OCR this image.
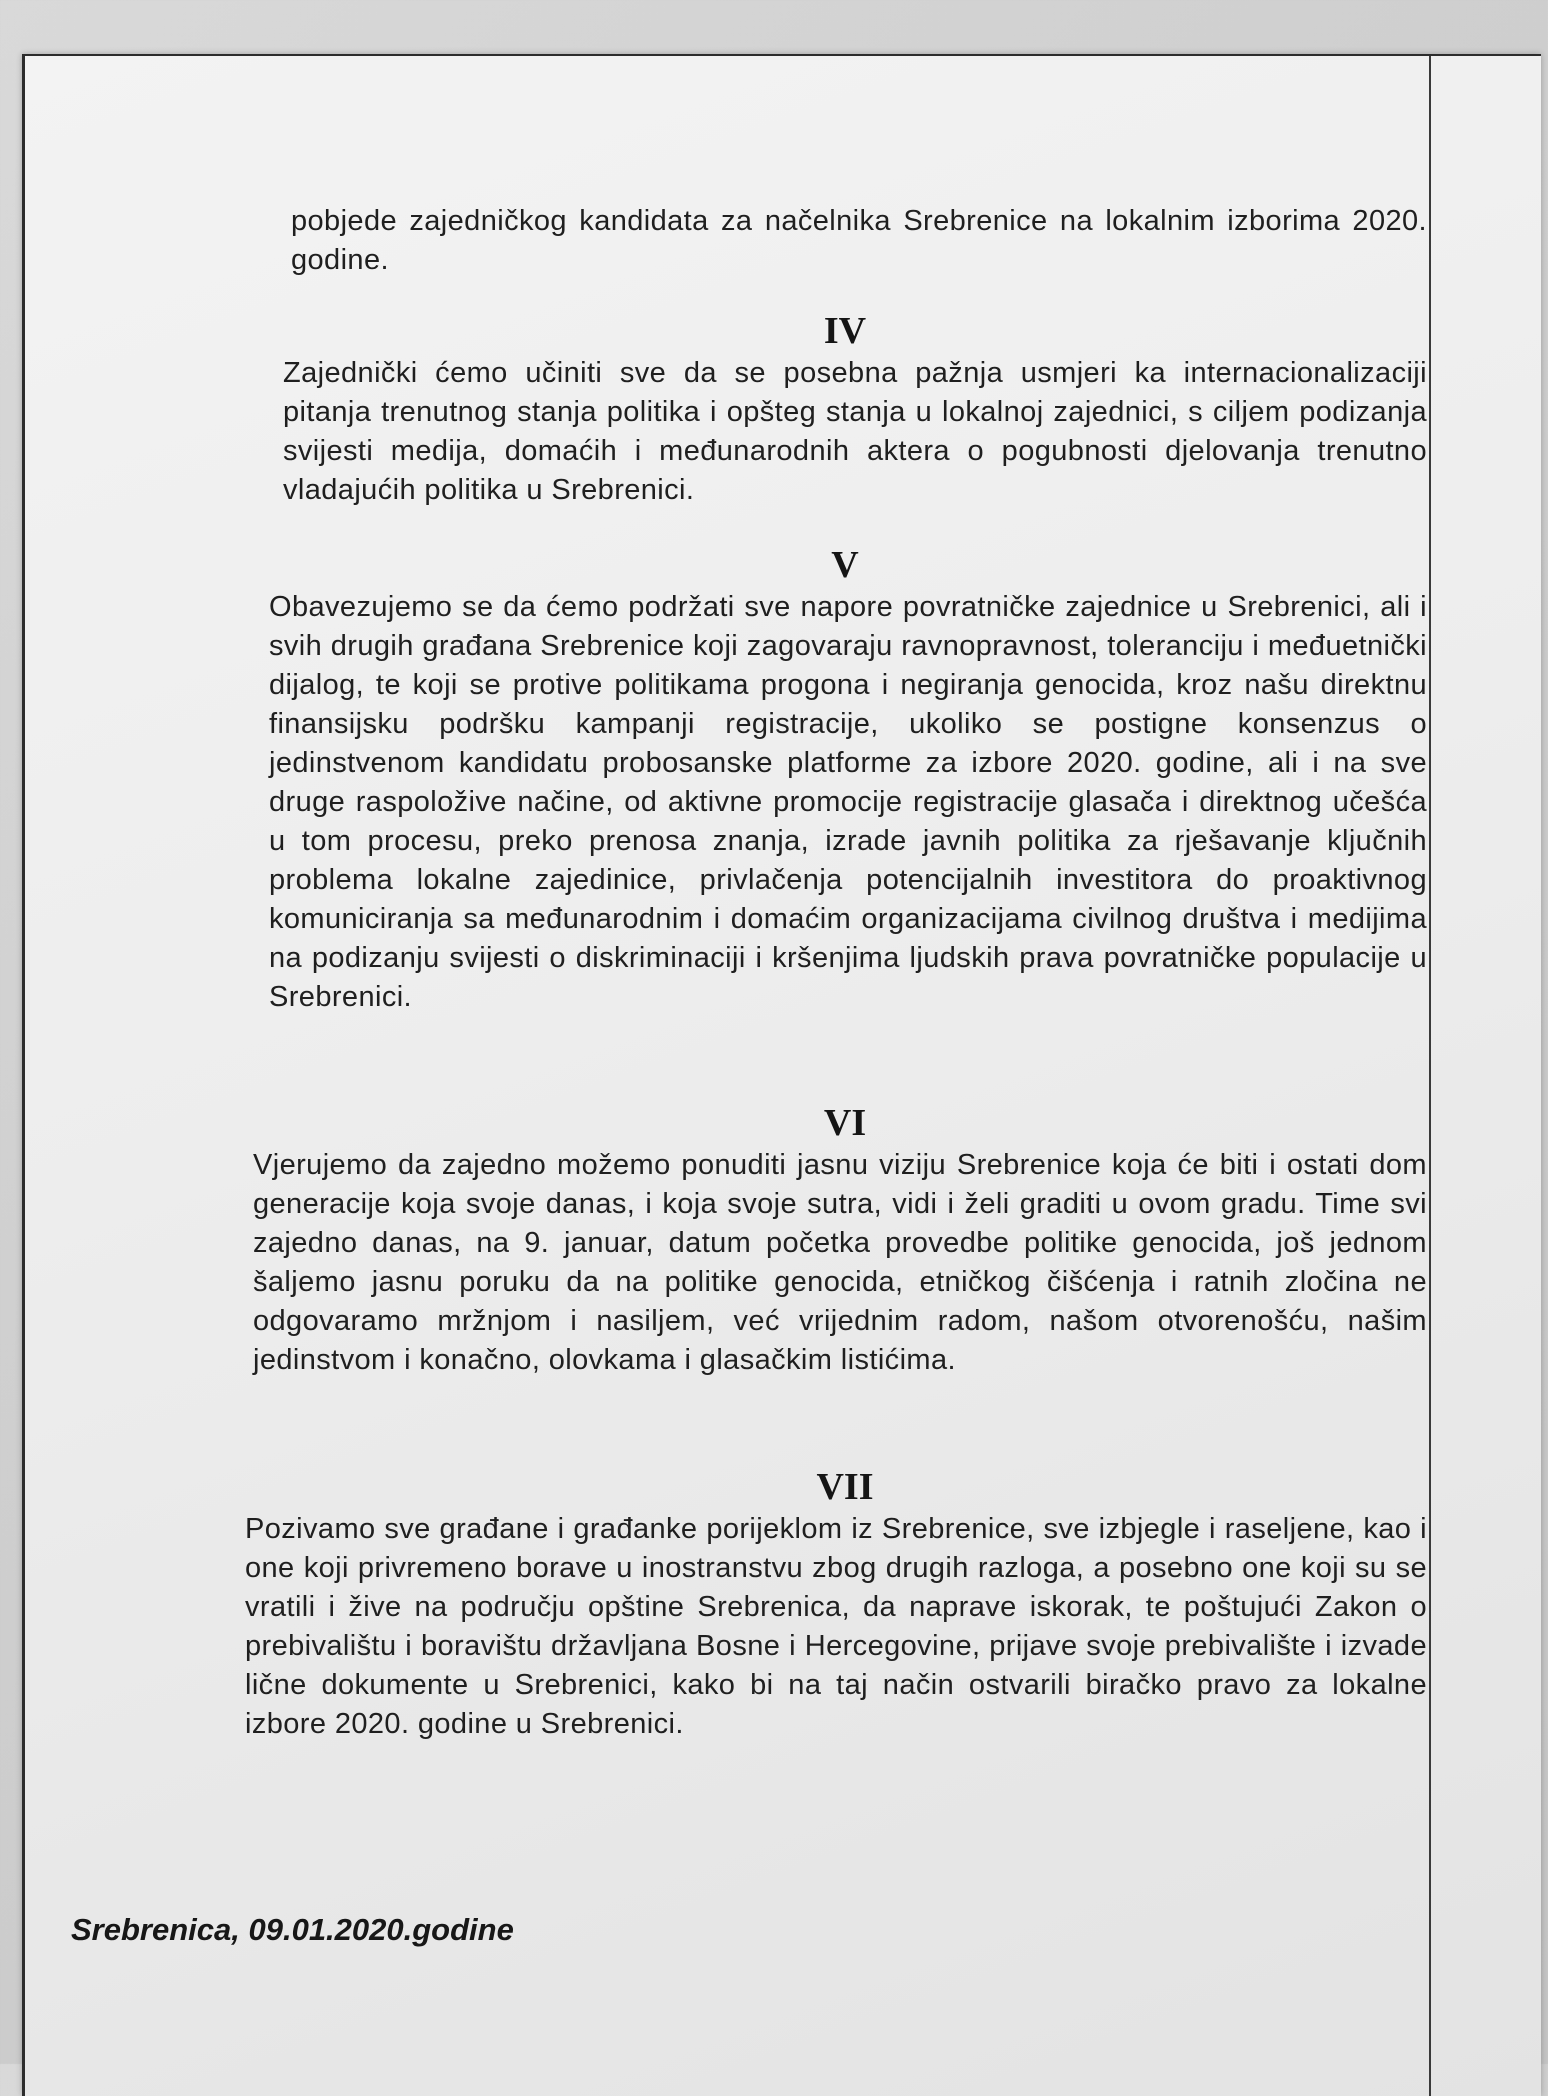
pobjede zajedničkog kandidata za načelnika Srebrenice na lokalnim izborima 2020. godine.

IV

Zajednički ćemo učiniti sve da se posebna pažnja usmjeri ka internacionalizaciji pitanja trenutnog stanja politika i opšteg stanja u lokalnoj zajednici, s ciljem podizanja svijesti medija, domaćih i međunarodnih aktera o pogubnosti djelovanja trenutno vladajućih politika u Srebrenici.

V

Obavezujemo se da ćemo podržati sve napore povratničke zajednice u Srebrenici, ali i svih drugih građana Srebrenice koji zagovaraju ravnopravnost, toleranciju i međuetnički dijalog, te koji se protive politikama progona i negiranja genocida, kroz našu direktnu finansijsku podršku kampanji registracije, ukoliko se postigne konsenzus o jedinstvenom kandidatu probosanske platforme za izbore 2020. godine, ali i na sve druge raspoložive načine, od aktivne promocije registracije glasača i direktnog učešća u tom procesu, preko prenosa znanja, izrade javnih politika za rješavanje ključnih problema lokalne zajedinice, privlačenja potencijalnih investitora do proaktivnog komuniciranja sa međunarodnim i domaćim organizacijama civilnog društva i medijima na podizanju svijesti o diskriminaciji i kršenjima ljudskih prava povratničke populacije u Srebrenici.

VI

Vjerujemo da zajedno možemo ponuditi jasnu viziju Srebrenice koja će biti i ostati dom generacije koja svoje danas, i koja svoje sutra, vidi i želi graditi u ovom gradu. Time svi zajedno danas, na 9. januar, datum početka provedbe politike genocida, još jednom šaljemo jasnu poruku da na politike genocida, etničkog čišćenja i ratnih zločina ne odgovaramo mržnjom i nasiljem, već vrijednim radom, našom otvorenošću, našim jedinstvom i konačno, olovkama i glasačkim listićima.

VII

Pozivamo sve građane i građanke porijeklom iz Srebrenice, sve izbjegle i raseljene, kao i one koji privremeno borave u inostranstvu zbog drugih razloga, a posebno one koji su se vratili i žive na području opštine Srebrenica, da naprave iskorak, te poštujući Zakon o prebivalištu i boravištu državljana Bosne i Hercegovine, prijave svoje prebivalište i izvade lične dokumente u Srebrenici, kako bi na taj način ostvarili biračko pravo za lokalne izbore 2020. godine u Srebrenici.

Srebrenica, 09.01.2020.godine
